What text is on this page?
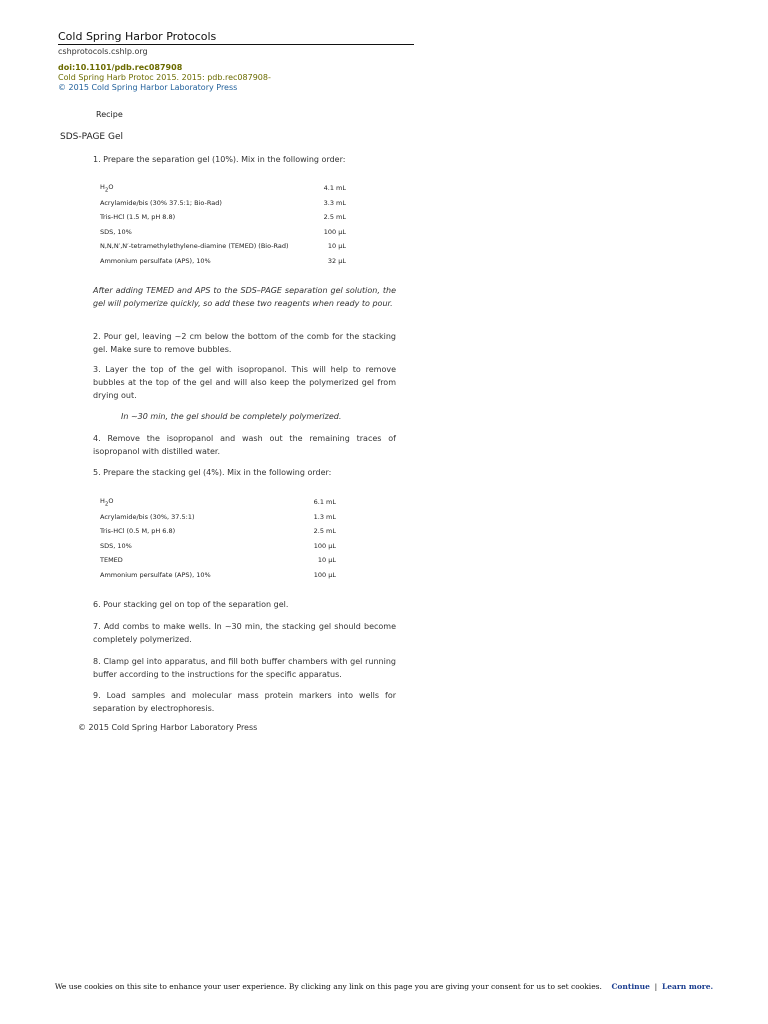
Cold Spring Harbor Protocols
cshprotocols.cshlp.org
doi:10.1101/pdb.rec087908
Cold Spring Harb Protoc 2015. 2015: pdb.rec087908-
© 2015 Cold Spring Harbor Laboratory Press
Recipe
SDS-PAGE Gel

1. Prepare the separation gel (10%). Mix in the following order:

$H_2O$	4.1 mL
Acrylamide/bis (30% 37.5:1; Bio-Rad)	3.3 mL
Tris-HCl (1.5 M, pH 8.8)	2.5 mL
SDS, 10%	100 µL
N,N,N′,N′-tetramethylethylene-diamine (TEMED) (Bio-Rad)	10 µL
Ammonium persulfate (APS), 10%	32 µL

After adding TEMED and APS to the SDS–PAGE separation gel solution, the gel will polymerize quickly, so add these two reagents when ready to pour.

2. Pour gel, leaving ~2 cm below the bottom of the comb for the stacking gel. Make sure to remove bubbles.

3. Layer the top of the gel with isopropanol. This will help to remove bubbles at the top of the gel and will also keep the polymerized gel from drying out.

In ~30 min, the gel should be completely polymerized.

4. Remove the isopropanol and wash out the remaining traces of isopropanol with distilled water.

5. Prepare the stacking gel (4%). Mix in the following order:

$H_2O$	6.1 mL
Acrylamide/bis (30%, 37.5:1)	1.3 mL
Tris-HCl (0.5 M, pH 6.8)	2.5 mL
SDS, 10%	100 µL
TEMED	10 µL
Ammonium persulfate (APS), 10%	100 µL

6. Pour stacking gel on top of the separation gel.

7. Add combs to make wells. In ~30 min, the stacking gel should become completely polymerized.

8. Clamp gel into apparatus, and fill both buffer chambers with gel running buffer according to the instructions for the specific apparatus.

9. Load samples and molecular mass protein markers into wells for separation by electrophoresis.

© 2015 Cold Spring Harbor Laboratory Press
We use cookies on this site to enhance your user experience. By clicking any link on this page you are giving your consent for us to set cookies. Continue | Learn more.
